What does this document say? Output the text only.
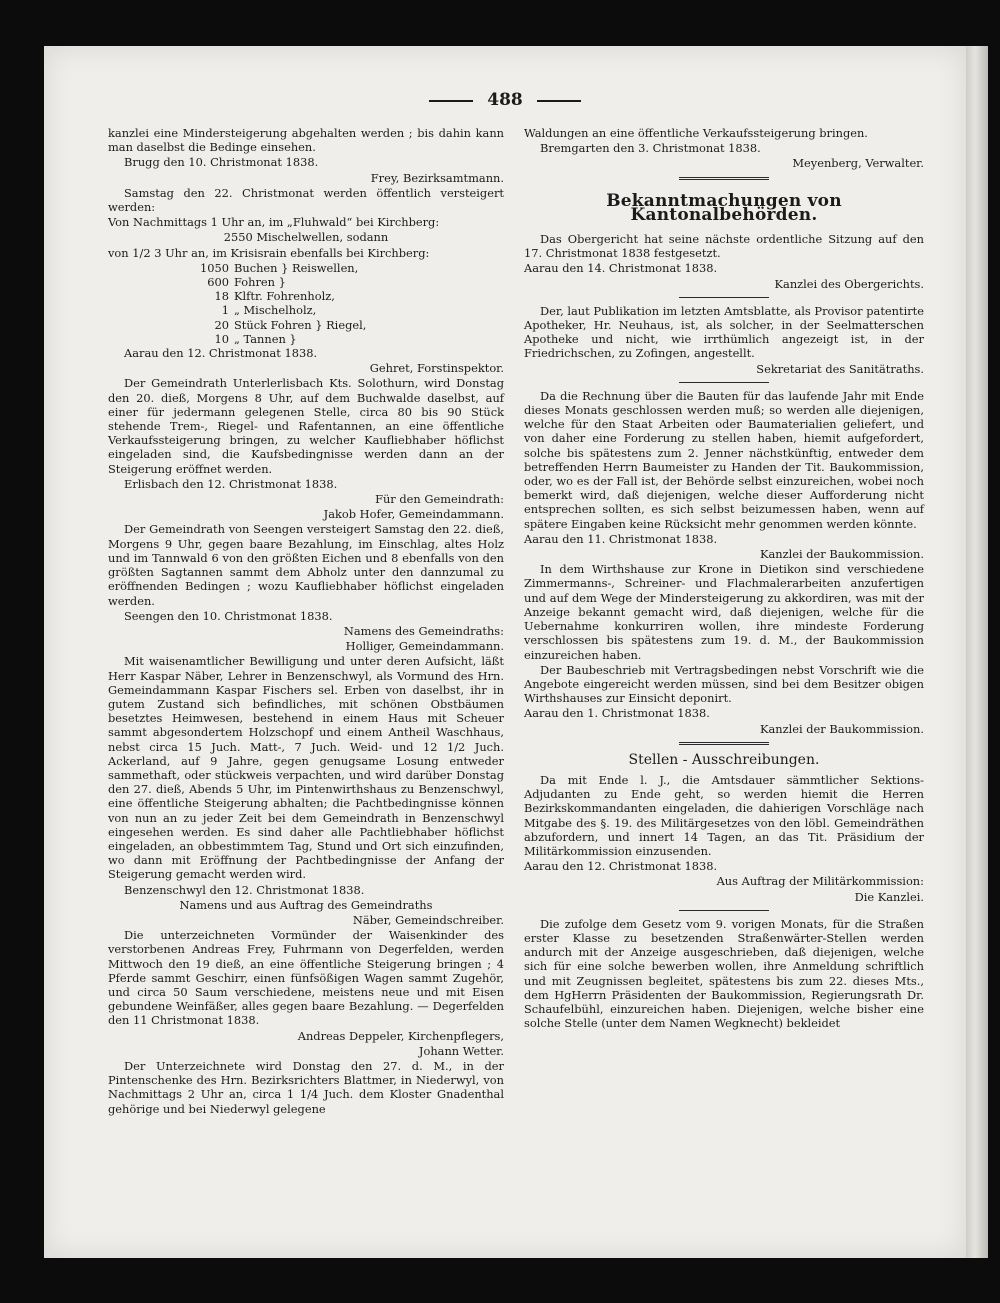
488
kanzlei eine Mindersteigerung abgehalten werden ; bis dahin kann man daselbst die Bedinge einsehen.
Brugg den 10. Christmonat 1838.
Frey, Bezirksamtmann.
Samstag den 22. Christmonat werden öffentlich versteigert werden:
Von Nachmittags 1 Uhr an, im „Fluhwald“ bei Kirchberg:
2550 Mischelwellen, sodann
von 1/2 3 Uhr an, im Krisisrain ebenfalls bei Kirchberg:
1050 Buchen } Reiswellen,
600 Fohren }
18 Klftr. Fohrenholz,
1 „ Mischelholz,
20 Stück Fohren } Riegel,
10 „ Tannen }
Aarau den 12. Christmonat 1838.
Gehret, Forstinspektor.
Der Gemeindrath Unterlerlisbach Kts. Solothurn, wird Donstag den 20. dieß, Morgens 8 Uhr, auf dem Buchwalde daselbst, auf einer für jedermann gelegenen Stelle, circa 80 bis 90 Stück stehende Trem-, Riegel- und Rafentannen, an eine öffentliche Verkaufssteigerung bringen, zu welcher Kaufliebhaber höflichst eingeladen sind, die Kaufsbedingnisse werden dann an der Steigerung eröffnet werden.
Erlisbach den 12. Christmonat 1838.
Für den Gemeindrath:
Jakob Hofer, Gemeindammann.
Der Gemeindrath von Seengen versteigert Samstag den 22. dieß, Morgens 9 Uhr, gegen baare Bezahlung, im Einschlag, altes Holz und im Tannwald 6 von den größten Eichen und 8 ebenfalls von den größten Sagtannen sammt dem Abholz unter den dannzumal zu eröffnenden Bedingen ; wozu Kaufliebhaber höflichst eingeladen werden.
Seengen den 10. Christmonat 1838.
Namens des Gemeindraths:
Holliger, Gemeindammann.
Mit waisenamtlicher Bewilligung und unter deren Aufsicht, läßt Herr Kaspar Näber, Lehrer in Benzenschwyl, als Vormund des Hrn. Gemeindammann Kaspar Fischers sel. Erben von daselbst, ihr in gutem Zustand sich befindliches, mit schönen Obstbäumen besetztes Heimwesen, bestehend in einem Haus mit Scheuer sammt abgesondertem Holzschopf und einem Antheil Waschhaus, nebst circa 15 Juch. Matt-, 7 Juch. Weid- und 12 1/2 Juch. Ackerland, auf 9 Jahre, gegen genugsame Losung entweder sammethaft, oder stückweis verpachten, und wird darüber Donstag den 27. dieß, Abends 5 Uhr, im Pintenwirthshaus zu Benzenschwyl, eine öffentliche Steigerung abhalten; die Pachtbedingnisse können von nun an zu jeder Zeit bei dem Gemeindrath in Benzenschwyl eingesehen werden. Es sind daher alle Pachtliebhaber höflichst eingeladen, an obbestimmtem Tag, Stund und Ort sich einzufinden, wo dann mit Eröffnung der Pachtbedingnisse der Anfang der Steigerung gemacht werden wird.
Benzenschwyl den 12. Christmonat 1838.
Namens und aus Auftrag des Gemeindraths
Näber, Gemeindschreiber.
Die unterzeichneten Vormünder der Waisenkinder des verstorbenen Andreas Frey, Fuhrmann von Degerfelden, werden Mittwoch den 19 dieß, an eine öffentliche Steigerung bringen ; 4 Pferde sammt Geschirr, einen fünfsößigen Wagen sammt Zugehör, und circa 50 Saum verschiedene, meistens neue und mit Eisen gebundene Weinfäßer, alles gegen baare Bezahlung. — Degerfelden den 11 Christmonat 1838.
Andreas Deppeler, Kirchenpflegers,
Johann Wetter.
Der Unterzeichnete wird Donstag den 27. d. M., in der Pintenschenke des Hrn. Bezirksrichters Blattmer, in Niederwyl, von Nachmittags 2 Uhr an, circa 1 1/4 Juch. dem Kloster Gnadenthal gehörige und bei Niederwyl gelegene
Waldungen an eine öffentliche Verkaufssteigerung bringen.
Bremgarten den 3. Christmonat 1838.
Meyenberg, Verwalter.
Bekanntmachungen von Kantonalbehörden.
Das Obergericht hat seine nächste ordentliche Sitzung auf den 17. Christmonat 1838 festgesetzt.
Aarau den 14. Christmonat 1838.
Kanzlei des Obergerichts.
Der, laut Publikation im letzten Amtsblatte, als Provisor patentirte Apotheker, Hr. Neuhaus, ist, als solcher, in der Seelmatterschen Apotheke und nicht, wie irrthümlich angezeigt ist, in der Friedrichschen, zu Zofingen, angestellt.
Sekretariat des Sanitätraths.
Da die Rechnung über die Bauten für das laufende Jahr mit Ende dieses Monats geschlossen werden muß; so werden alle diejenigen, welche für den Staat Arbeiten oder Baumaterialien geliefert, und von daher eine Forderung zu stellen haben, hiemit aufgefordert, solche bis spätestens zum 2. Jenner nächstkünftig, entweder dem betreffenden Herrn Baumeister zu Handen der Tit. Baukommission, oder, wo es der Fall ist, der Behörde selbst einzureichen, wobei noch bemerkt wird, daß diejenigen, welche dieser Aufforderung nicht entsprechen sollten, es sich selbst beizumessen haben, wenn auf spätere Eingaben keine Rücksicht mehr genommen werden könnte.
Aarau den 11. Christmonat 1838.
Kanzlei der Baukommission.
In dem Wirthshause zur Krone in Dietikon sind verschiedene Zimmermanns-, Schreiner- und Flachmalerarbeiten anzufertigen und auf dem Wege der Mindersteigerung zu akkordiren, was mit der Anzeige bekannt gemacht wird, daß diejenigen, welche für die Uebernahme konkurriren wollen, ihre mindeste Forderung verschlossen bis spätestens zum 19. d. M., der Baukommission einzureichen haben.
Der Baubeschrieb mit Vertragsbedingen nebst Vorschrift wie die Angebote eingereicht werden müssen, sind bei dem Besitzer obigen Wirthshauses zur Einsicht deponirt.
Aarau den 1. Christmonat 1838.
Kanzlei der Baukommission.
Stellen - Ausschreibungen.
Da mit Ende l. J., die Amtsdauer sämmtlicher Sektions-Adjudanten zu Ende geht, so werden hiemit die Herren Bezirkskommandanten eingeladen, die dahierigen Vorschläge nach Mitgabe des §. 19. des Militärgesetzes von den löbl. Gemeindräthen abzufordern, und innert 14 Tagen, an das Tit. Präsidium der Militärkommission einzusenden.
Aarau den 12. Christmonat 1838.
Aus Auftrag der Militärkommission:
Die Kanzlei.
Die zufolge dem Gesetz vom 9. vorigen Monats, für die Straßen erster Klasse zu besetzenden Straßenwärter-Stellen werden andurch mit der Anzeige ausgeschrieben, daß diejenigen, welche sich für eine solche bewerben wollen, ihre Anmeldung schriftlich und mit Zeugnissen begleitet, spätestens bis zum 22. dieses Mts., dem HgHerrn Präsidenten der Baukommission, Regierungsrath Dr. Schaufelbühl, einzureichen haben. Diejenigen, welche bisher eine solche Stelle (unter dem Namen Wegknecht) bekleidet
